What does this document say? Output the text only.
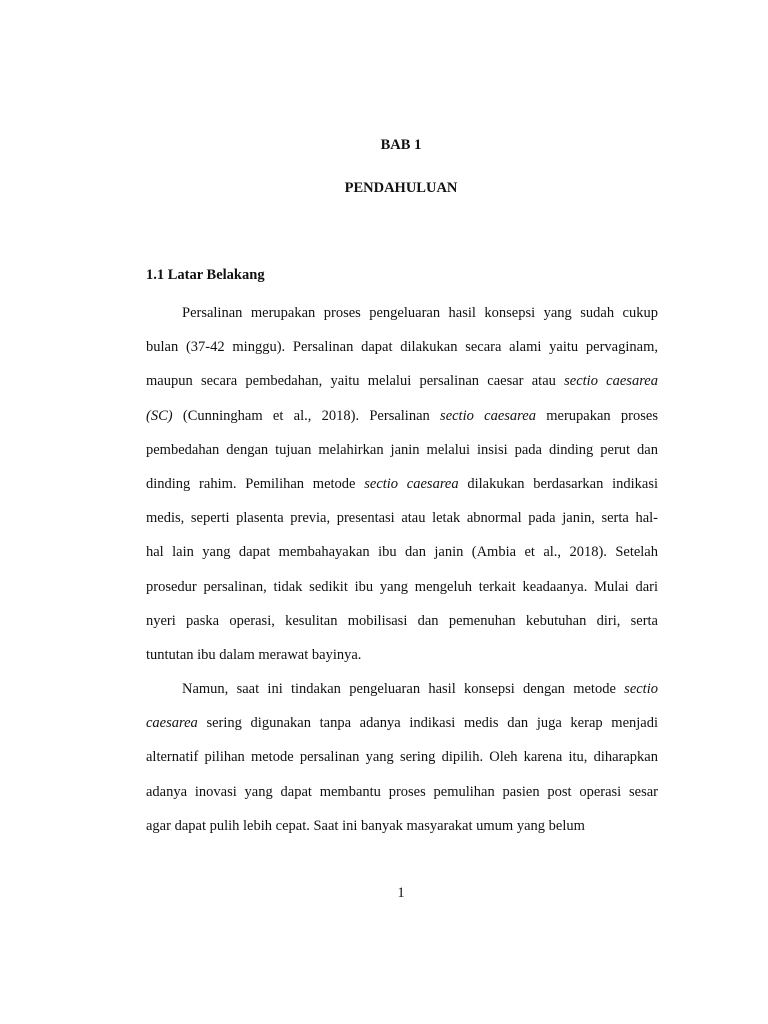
BAB 1

PENDAHULUAN

1.1 Latar Belakang

Persalinan merupakan proses pengeluaran hasil konsepsi yang sudah cukup
bulan (37-42 minggu). Persalinan dapat dilakukan secara alami yaitu pervaginam,
maupun secara pembedahan, yaitu melalui persalinan caesar atau sectio caesarea
(SC) (Cunningham et al., 2018). Persalinan sectio caesarea merupakan proses
pembedahan dengan tujuan melahirkan janin melalui insisi pada dinding perut dan
dinding rahim. Pemilihan metode sectio caesarea dilakukan berdasarkan indikasi
medis, seperti plasenta previa, presentasi atau letak abnormal pada janin, serta hal-
hal lain yang dapat membahayakan ibu dan janin (Ambia et al., 2018). Setelah
prosedur persalinan, tidak sedikit ibu yang mengeluh terkait keadaanya. Mulai dari
nyeri paska operasi, kesulitan mobilisasi dan pemenuhan kebutuhan diri, serta
tuntutan ibu dalam merawat bayinya.

Namun, saat ini tindakan pengeluaran hasil konsepsi dengan metode sectio
caesarea sering digunakan tanpa adanya indikasi medis dan juga kerap menjadi
alternatif pilihan metode persalinan yang sering dipilih. Oleh karena itu, diharapkan
adanya inovasi yang dapat membantu proses pemulihan pasien post operasi sesar
agar dapat pulih lebih cepat. Saat ini banyak masyarakat umum yang belum

1
